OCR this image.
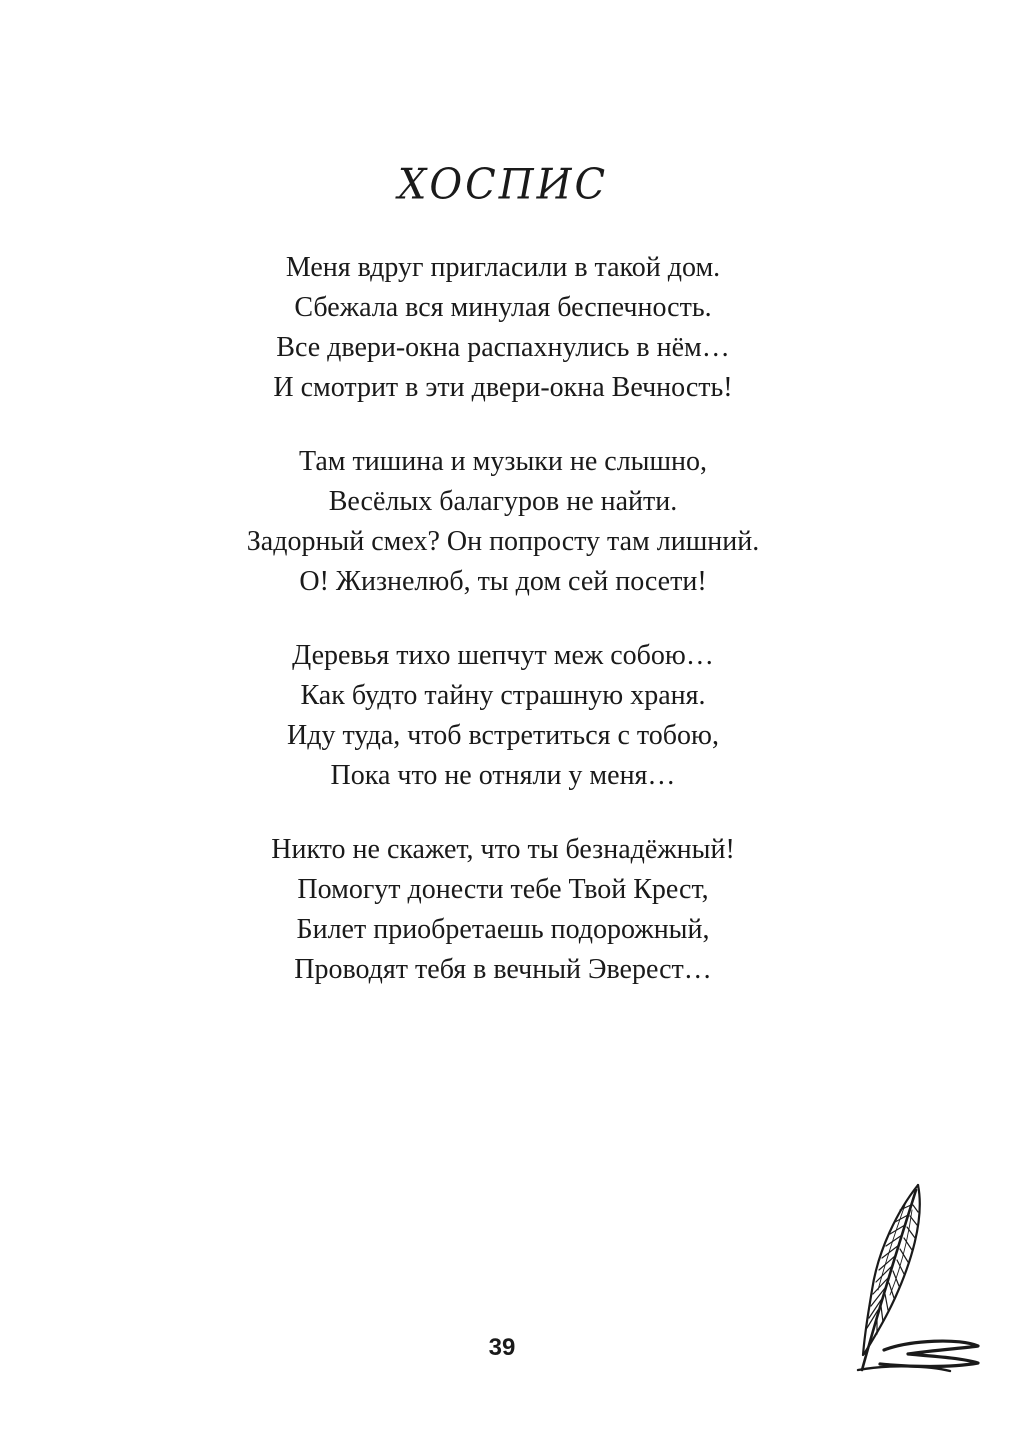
ХОСПИС
Меня вдруг пригласили в такой дом.
Сбежала вся минулая беспечность.
Все двери-окна распахнулись в нём…
И смотрит в эти двери-окна Вечность!
Там тишина и музыки не слышно,
Весёлых балагуров не найти.
Задорный смех? Он попросту там лишний.
О! Жизнелюб, ты дом сей посети!
Деревья тихо шепчут меж собою…
Как будто тайну страшную храня.
Иду туда, чтоб встретиться с тобою,
Пока что не отняли у меня…
Никто не скажет, что ты безнадёжный!
Помогут донести тебе Твой Крест,
Билет приобретаешь подорожный,
Проводят тебя в вечный Эверест…
39
